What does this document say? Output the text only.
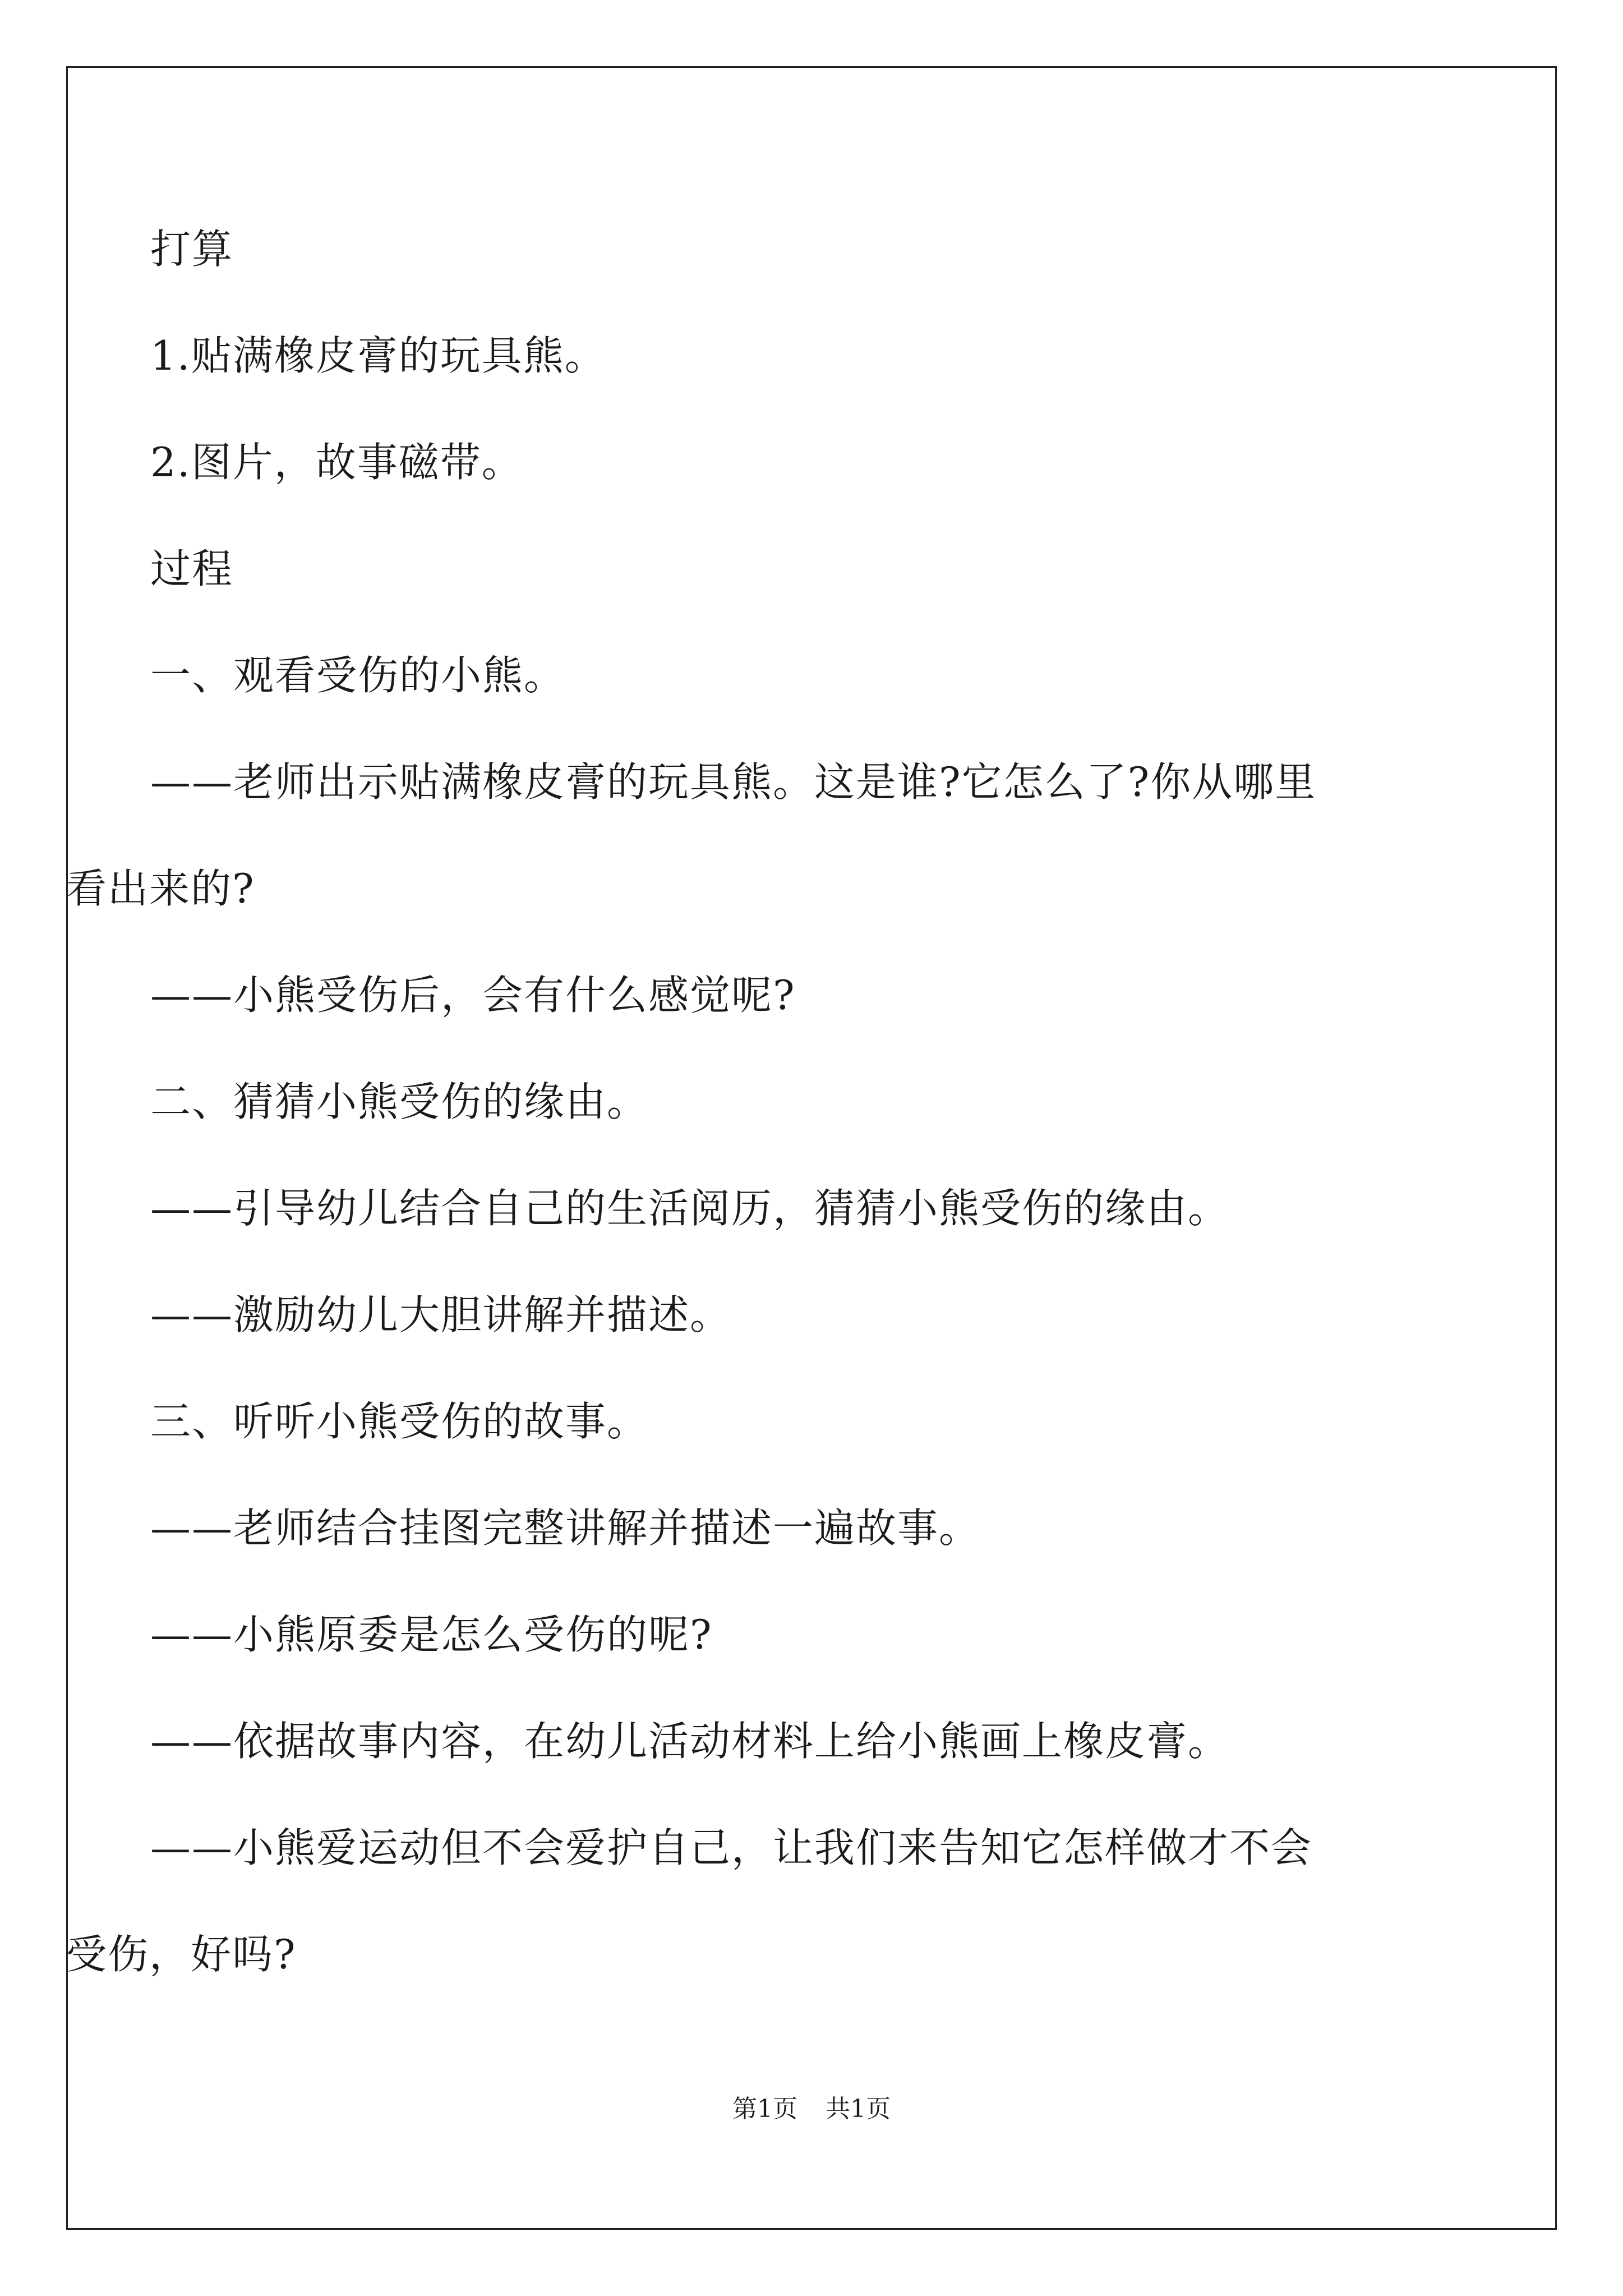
打算

1.贴满橡皮膏的玩具熊。

2.图片，故事磁带。

过程

一、观看受伤的小熊。

——老师出示贴满橡皮膏的玩具熊。这是谁?它怎么了?你从哪里

看出来的?

——小熊受伤后，会有什么感觉呢?

二、猜猜小熊受伤的缘由。

——引导幼儿结合自己的生活阅历，猜猜小熊受伤的缘由。

——激励幼儿大胆讲解并描述。

三、听听小熊受伤的故事。

——老师结合挂图完整讲解并描述一遍故事。

——小熊原委是怎么受伤的呢?

——依据故事内容，在幼儿活动材料上给小熊画上橡皮膏。

——小熊爱运动但不会爱护自己，让我们来告知它怎样做才不会

受伤，好吗?

第1页 共1页
